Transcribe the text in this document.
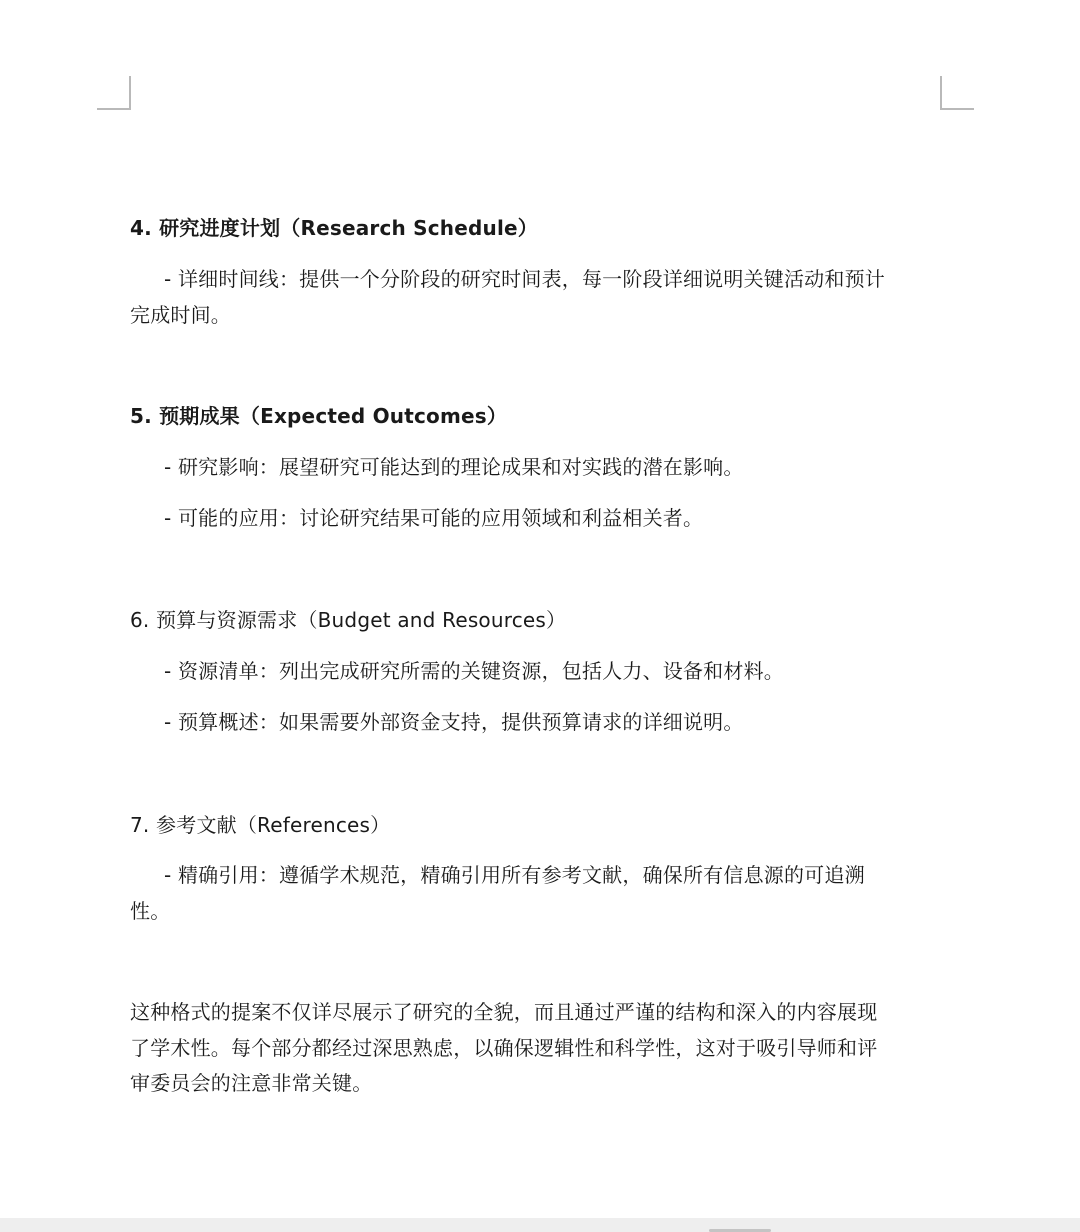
4. 研究进度计划（Research Schedule）
- 详细时间线：提供一个分阶段的研究时间表，每一阶段详细说明关键活动和预计
完成时间。
5. 预期成果（Expected Outcomes）
- 研究影响：展望研究可能达到的理论成果和对实践的潜在影响。
- 可能的应用：讨论研究结果可能的应用领域和利益相关者。
6. 预算与资源需求（Budget and Resources）
- 资源清单：列出完成研究所需的关键资源，包括人力、设备和材料。
- 预算概述：如果需要外部资金支持，提供预算请求的详细说明。
7. 参考文献（References）
- 精确引用：遵循学术规范，精确引用所有参考文献，确保所有信息源的可追溯
性。
这种格式的提案不仅详尽展示了研究的全貌，而且通过严谨的结构和深入的内容展现
了学术性。每个部分都经过深思熟虑，以确保逻辑性和科学性，这对于吸引导师和评
审委员会的注意非常关键。
